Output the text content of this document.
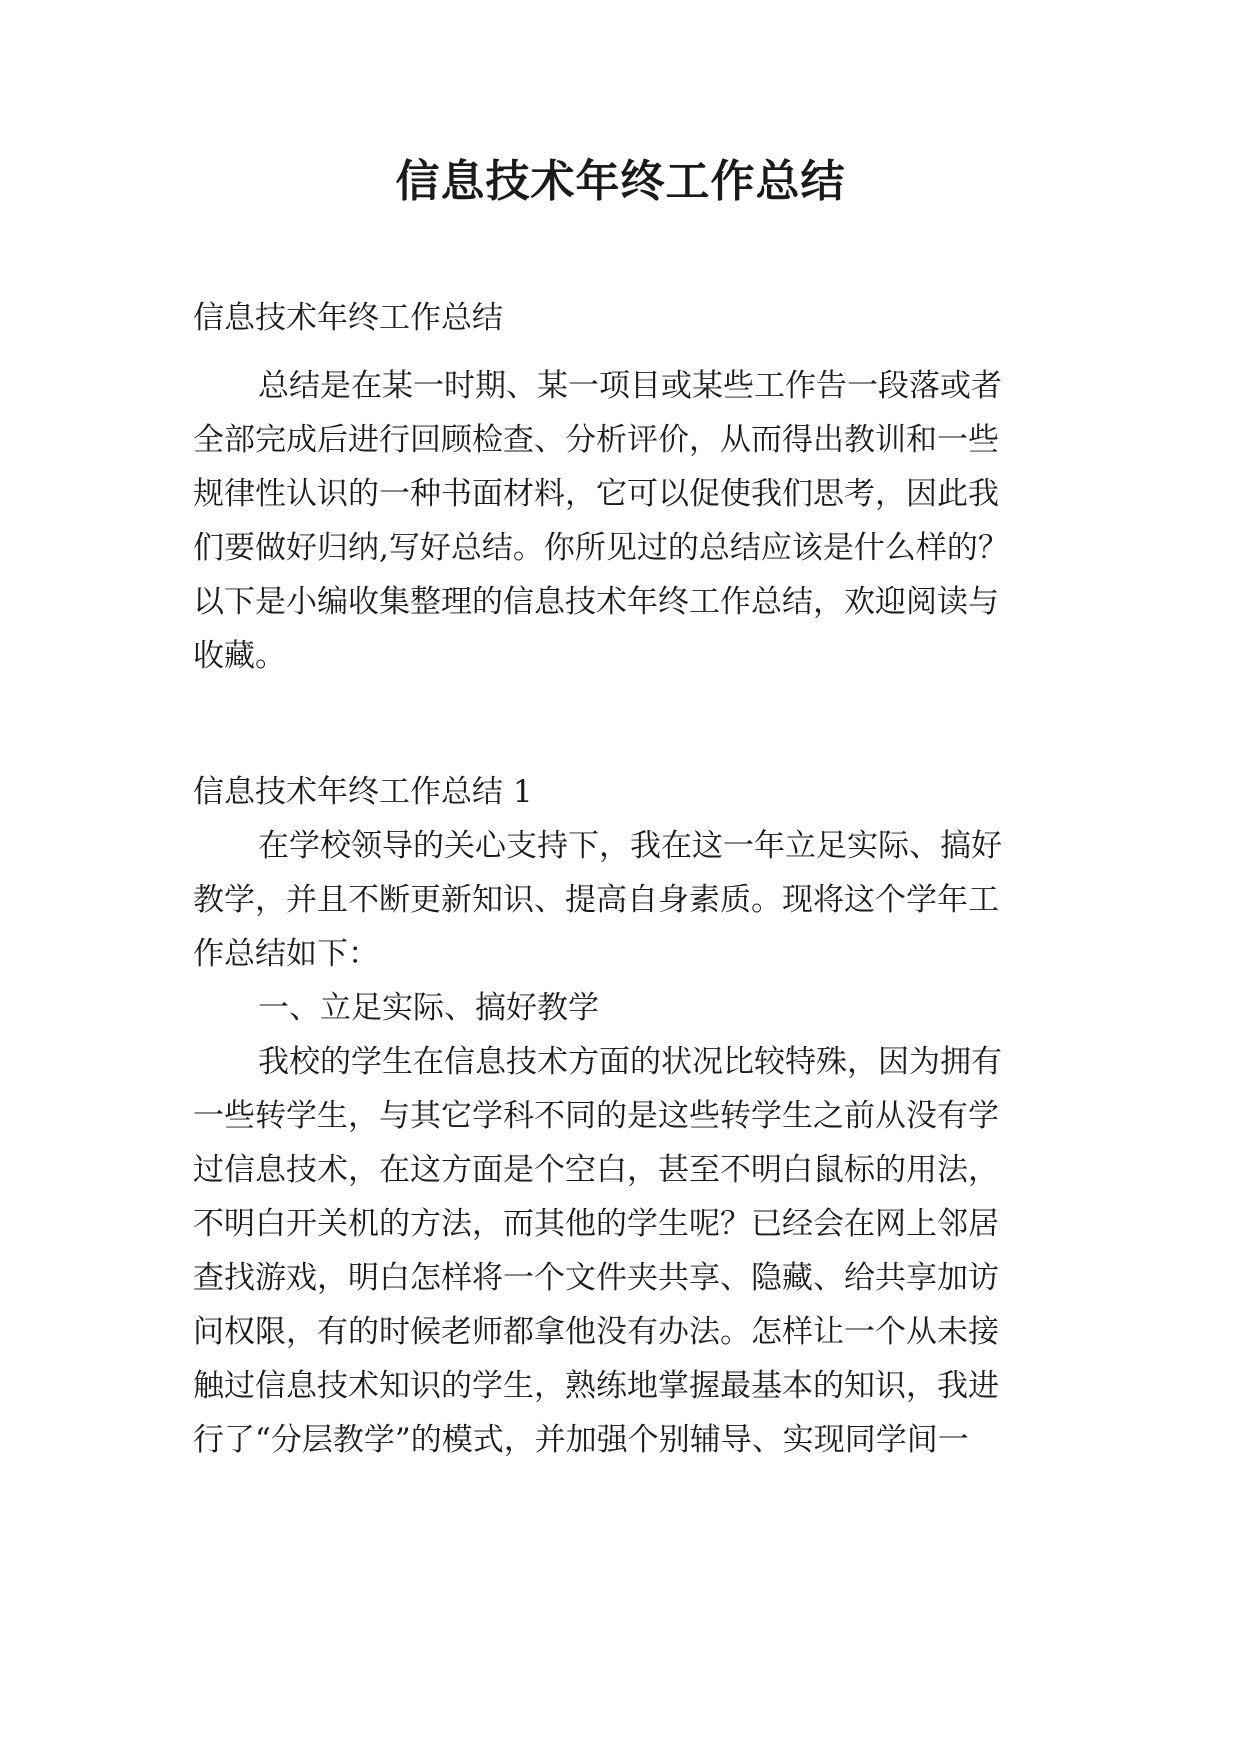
信息技术年终工作总结

信息技术年终工作总结

总结是在某一时期、某一项目或某些工作告一段落或者

全部完成后进行回顾检查、分析评价，从而得出教训和一些

规律性认识的一种书面材料，它可以促使我们思考，因此我

们要做好归纳,写好总结。你所见过的总结应该是什么样的？

以下是小编收集整理的信息技术年终工作总结，欢迎阅读与

收藏。

信息技术年终工作总结 1

在学校领导的关心支持下，我在这一年立足实际、搞好

教学，并且不断更新知识、提高自身素质。现将这个学年工

作总结如下：

一、立足实际、搞好教学

我校的学生在信息技术方面的状况比较特殊，因为拥有

一些转学生，与其它学科不同的是这些转学生之前从没有学

过信息技术，在这方面是个空白，甚至不明白鼠标的用法，

不明白开关机的方法，而其他的学生呢？已经会在网上邻居

查找游戏，明白怎样将一个文件夹共享、隐藏、给共享加访

问权限，有的时候老师都拿他没有办法。怎样让一个从未接

触过信息技术知识的学生，熟练地掌握最基本的知识，我进

行了“分层教学”的模式，并加强个别辅导、实现同学间一
